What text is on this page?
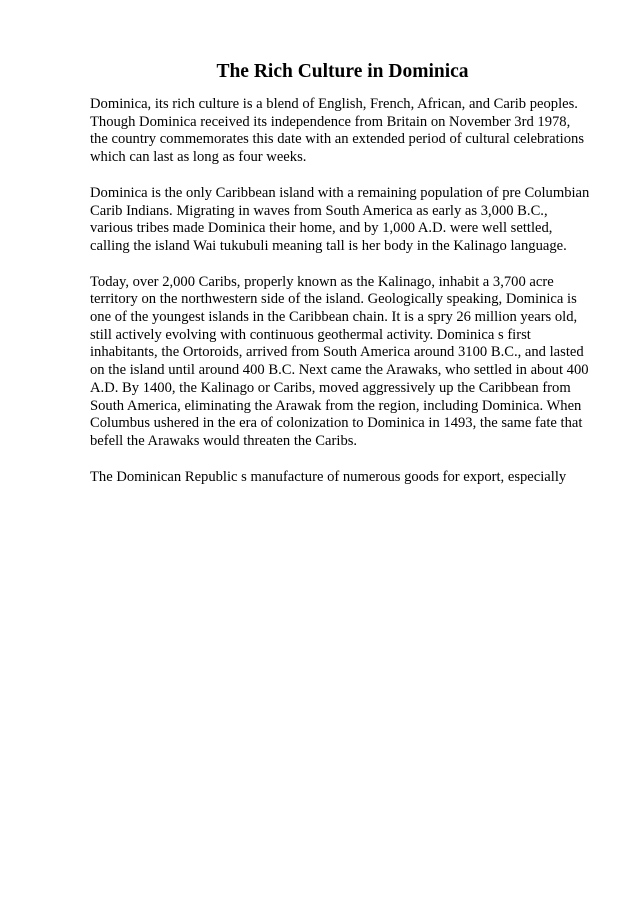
The Rich Culture in Dominica
Dominica, its rich culture is a blend of English, French, African, and Carib peoples.
Though Dominica received its independence from Britain on November 3rd 1978,
the country commemorates this date with an extended period of cultural celebrations
which can last as long as four weeks.
Dominica is the only Caribbean island with a remaining population of pre Columbian
Carib Indians. Migrating in waves from South America as early as 3,000 B.C.,
various tribes made Dominica their home, and by 1,000 A.D. were well settled,
calling the island Wai tukubuli meaning tall is her body in the Kalinago language.
Today, over 2,000 Caribs, properly known as the Kalinago, inhabit a 3,700 acre
territory on the northwestern side of the island. Geologically speaking, Dominica is
one of the youngest islands in the Caribbean chain. It is a spry 26 million years old,
still actively evolving with continuous geothermal activity. Dominica s first
inhabitants, the Ortoroids, arrived from South America around 3100 B.C., and lasted
on the island until around 400 B.C. Next came the Arawaks, who settled in about 400
A.D. By 1400, the Kalinago or Caribs, moved aggressively up the Caribbean from
South America, eliminating the Arawak from the region, including Dominica. When
Columbus ushered in the era of colonization to Dominica in 1493, the same fate that
befell the Arawaks would threaten the Caribs.
The Dominican Republic s manufacture of numerous goods for export, especially
